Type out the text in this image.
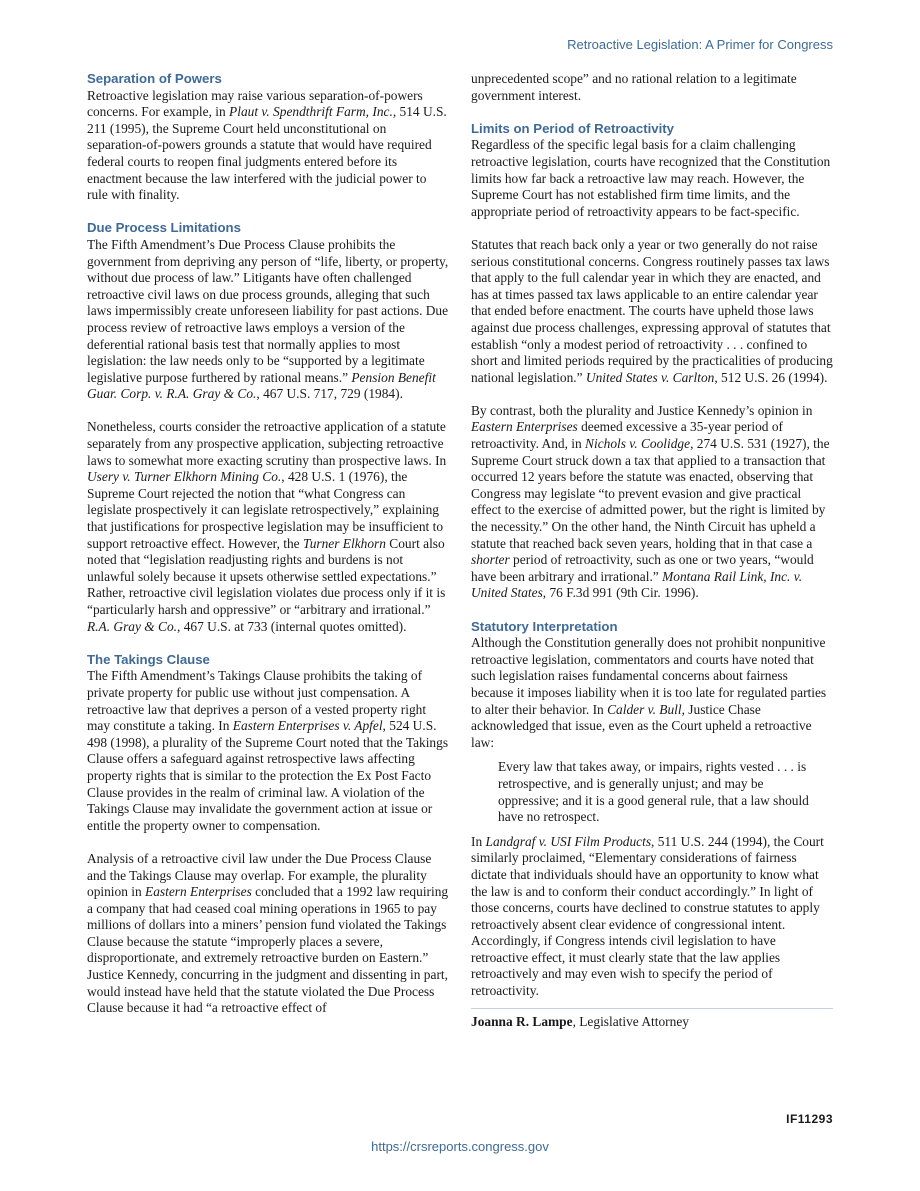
Retroactive Legislation: A Primer for Congress
Separation of Powers

Retroactive legislation may raise various separation-of-powers concerns. For example, in Plaut v. Spendthrift Farm, Inc., 514 U.S. 211 (1995), the Supreme Court held unconstitutional on separation-of-powers grounds a statute that would have required federal courts to reopen final judgments entered before its enactment because the law interfered with the judicial power to rule with finality.

Due Process Limitations

The Fifth Amendment’s Due Process Clause prohibits the government from depriving any person of “life, liberty, or property, without due process of law.” Litigants have often challenged retroactive civil laws on due process grounds, alleging that such laws impermissibly create unforeseen liability for past actions. Due process review of retroactive laws employs a version of the deferential rational basis test that normally applies to most legislation: the law needs only to be “supported by a legitimate legislative purpose furthered by rational means.” Pension Benefit Guar. Corp. v. R.A. Gray & Co., 467 U.S. 717, 729 (1984).

Nonetheless, courts consider the retroactive application of a statute separately from any prospective application, subjecting retroactive laws to somewhat more exacting scrutiny than prospective laws. In Usery v. Turner Elkhorn Mining Co., 428 U.S. 1 (1976), the Supreme Court rejected the notion that “what Congress can legislate prospectively it can legislate retrospectively,” explaining that justifications for prospective legislation may be insufficient to support retroactive effect. However, the Turner Elkhorn Court also noted that “legislation readjusting rights and burdens is not unlawful solely because it upsets otherwise settled expectations.” Rather, retroactive civil legislation violates due process only if it is “particularly harsh and oppressive” or “arbitrary and irrational.” R.A. Gray & Co., 467 U.S. at 733 (internal quotes omitted).

The Takings Clause

The Fifth Amendment’s Takings Clause prohibits the taking of private property for public use without just compensation. A retroactive law that deprives a person of a vested property right may constitute a taking. In Eastern Enterprises v. Apfel, 524 U.S. 498 (1998), a plurality of the Supreme Court noted that the Takings Clause offers a safeguard against retrospective laws affecting property rights that is similar to the protection the Ex Post Facto Clause provides in the realm of criminal law. A violation of the Takings Clause may invalidate the government action at issue or entitle the property owner to compensation.

Analysis of a retroactive civil law under the Due Process Clause and the Takings Clause may overlap. For example, the plurality opinion in Eastern Enterprises concluded that a 1992 law requiring a company that had ceased coal mining operations in 1965 to pay millions of dollars into a miners’ pension fund violated the Takings Clause because the statute “improperly places a severe, disproportionate, and extremely retroactive burden on Eastern.” Justice Kennedy, concurring in the judgment and dissenting in part, would instead have held that the statute violated the Due Process Clause because it had “a retroactive effect of

unprecedented scope” and no rational relation to a legitimate government interest.

Limits on Period of Retroactivity

Regardless of the specific legal basis for a claim challenging retroactive legislation, courts have recognized that the Constitution limits how far back a retroactive law may reach. However, the Supreme Court has not established firm time limits, and the appropriate period of retroactivity appears to be fact-specific.

Statutes that reach back only a year or two generally do not raise serious constitutional concerns. Congress routinely passes tax laws that apply to the full calendar year in which they are enacted, and has at times passed tax laws applicable to an entire calendar year that ended before enactment. The courts have upheld those laws against due process challenges, expressing approval of statutes that establish “only a modest period of retroactivity . . . confined to short and limited periods required by the practicalities of producing national legislation.” United States v. Carlton, 512 U.S. 26 (1994).

By contrast, both the plurality and Justice Kennedy’s opinion in Eastern Enterprises deemed excessive a 35-year period of retroactivity. And, in Nichols v. Coolidge, 274 U.S. 531 (1927), the Supreme Court struck down a tax that applied to a transaction that occurred 12 years before the statute was enacted, observing that Congress may legislate “to prevent evasion and give practical effect to the exercise of admitted power, but the right is limited by the necessity.” On the other hand, the Ninth Circuit has upheld a statute that reached back seven years, holding that in that case a shorter period of retroactivity, such as one or two years, “would have been arbitrary and irrational.” Montana Rail Link, Inc. v. United States, 76 F.3d 991 (9th Cir. 1996).

Statutory Interpretation

Although the Constitution generally does not prohibit nonpunitive retroactive legislation, commentators and courts have noted that such legislation raises fundamental concerns about fairness because it imposes liability when it is too late for regulated parties to alter their behavior. In Calder v. Bull, Justice Chase acknowledged that issue, even as the Court upheld a retroactive law:

Every law that takes away, or impairs, rights vested . . . is retrospective, and is generally unjust; and may be oppressive; and it is a good general rule, that a law should have no retrospect.

In Landgraf v. USI Film Products, 511 U.S. 244 (1994), the Court similarly proclaimed, “Elementary considerations of fairness dictate that individuals should have an opportunity to know what the law is and to conform their conduct accordingly.” In light of those concerns, courts have declined to construe statutes to apply retroactively absent clear evidence of congressional intent. Accordingly, if Congress intends civil legislation to have retroactive effect, it must clearly state that the law applies retroactively and may even wish to specify the period of retroactivity.

Joanna R. Lampe, Legislative Attorney
IF11293
https://crsreports.congress.gov
